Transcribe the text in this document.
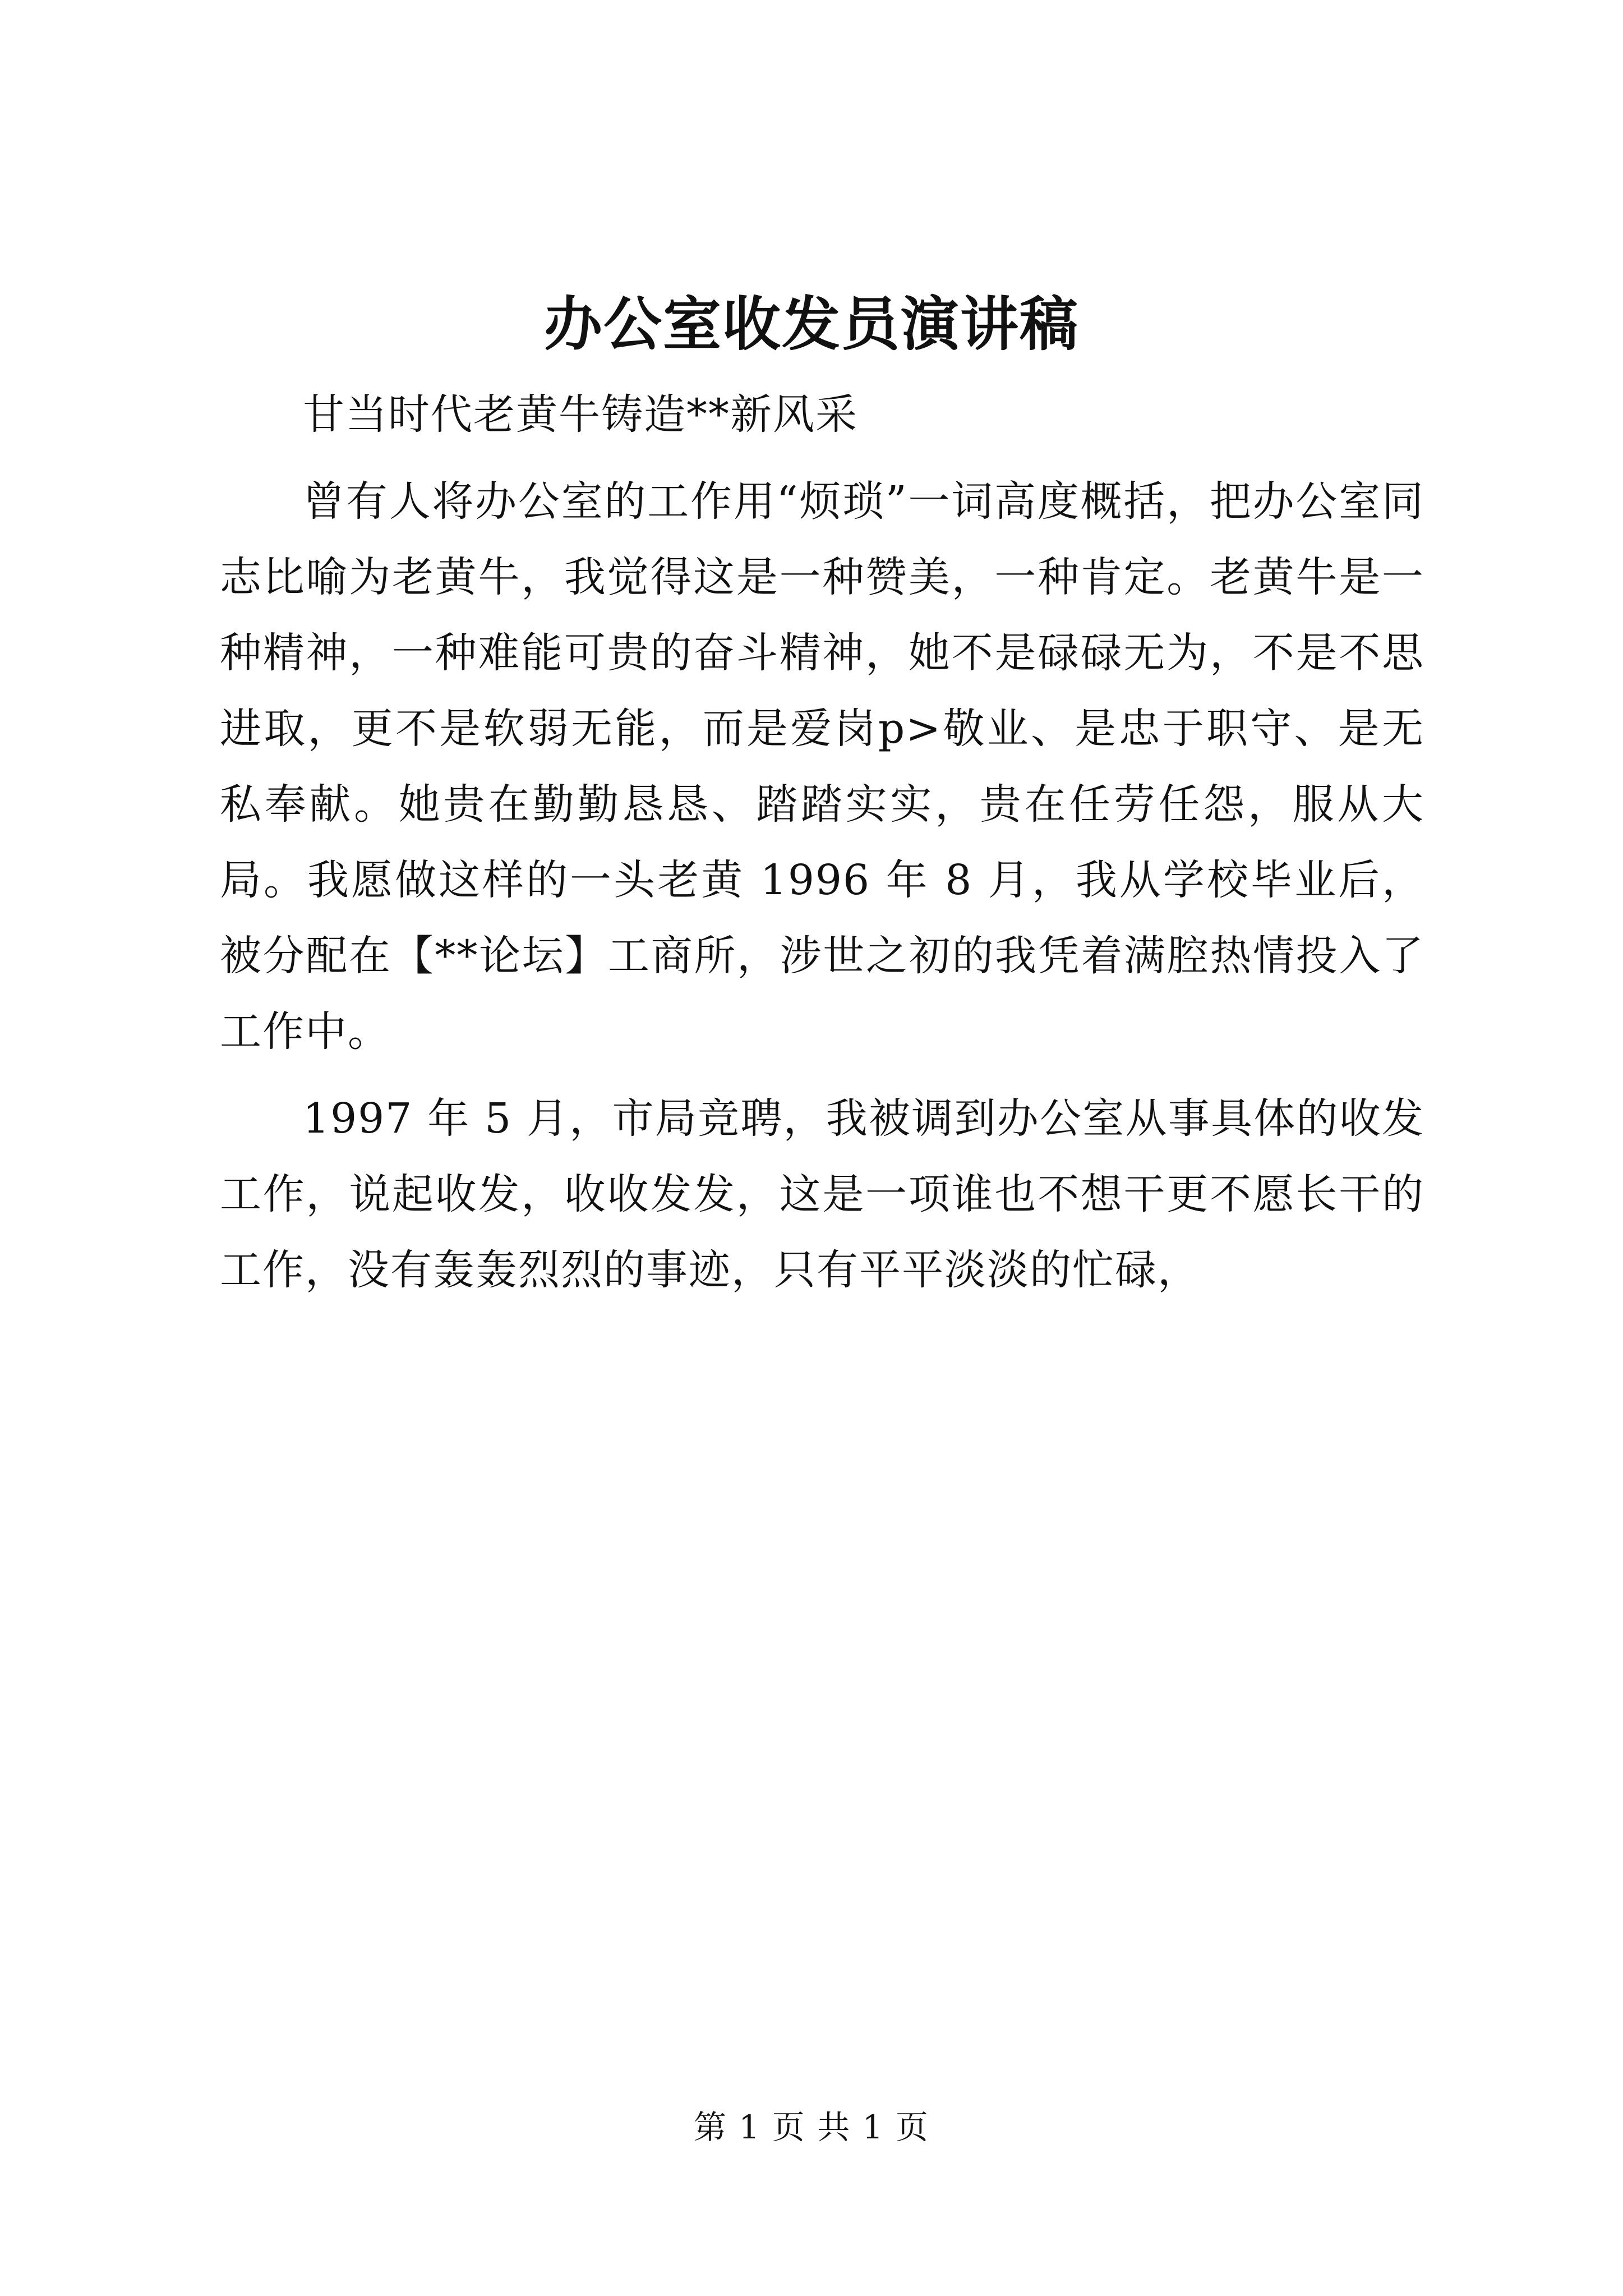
办公室收发员演讲稿

甘当时代老黄牛铸造**新风采

曾有人将办公室的工作用“烦琐”一词高度概括，把办公室同志比喻为老黄牛，我觉得这是一种赞美，一种肯定。老黄牛是一种精神，一种难能可贵的奋斗精神，她不是碌碌无为，不是不思进取，更不是软弱无能，而是爱岗p>敬业、是忠于职守、是无私奉献。她贵在勤勤恳恳、踏踏实实，贵在任劳任怨，服从大局。我愿做这样的一头老黄 1996 年 8 月，我从学校毕业后，被分配在【**论坛】工商所，涉世之初的我凭着满腔热情投入了工作中。

1997 年 5 月，市局竞聘，我被调到办公室从事具体的收发工作，说起收发，收收发发，这是一项谁也不想干更不愿长干的工作，没有轰轰烈烈的事迹，只有平平淡淡的忙碌，

第 1 页 共 1 页
